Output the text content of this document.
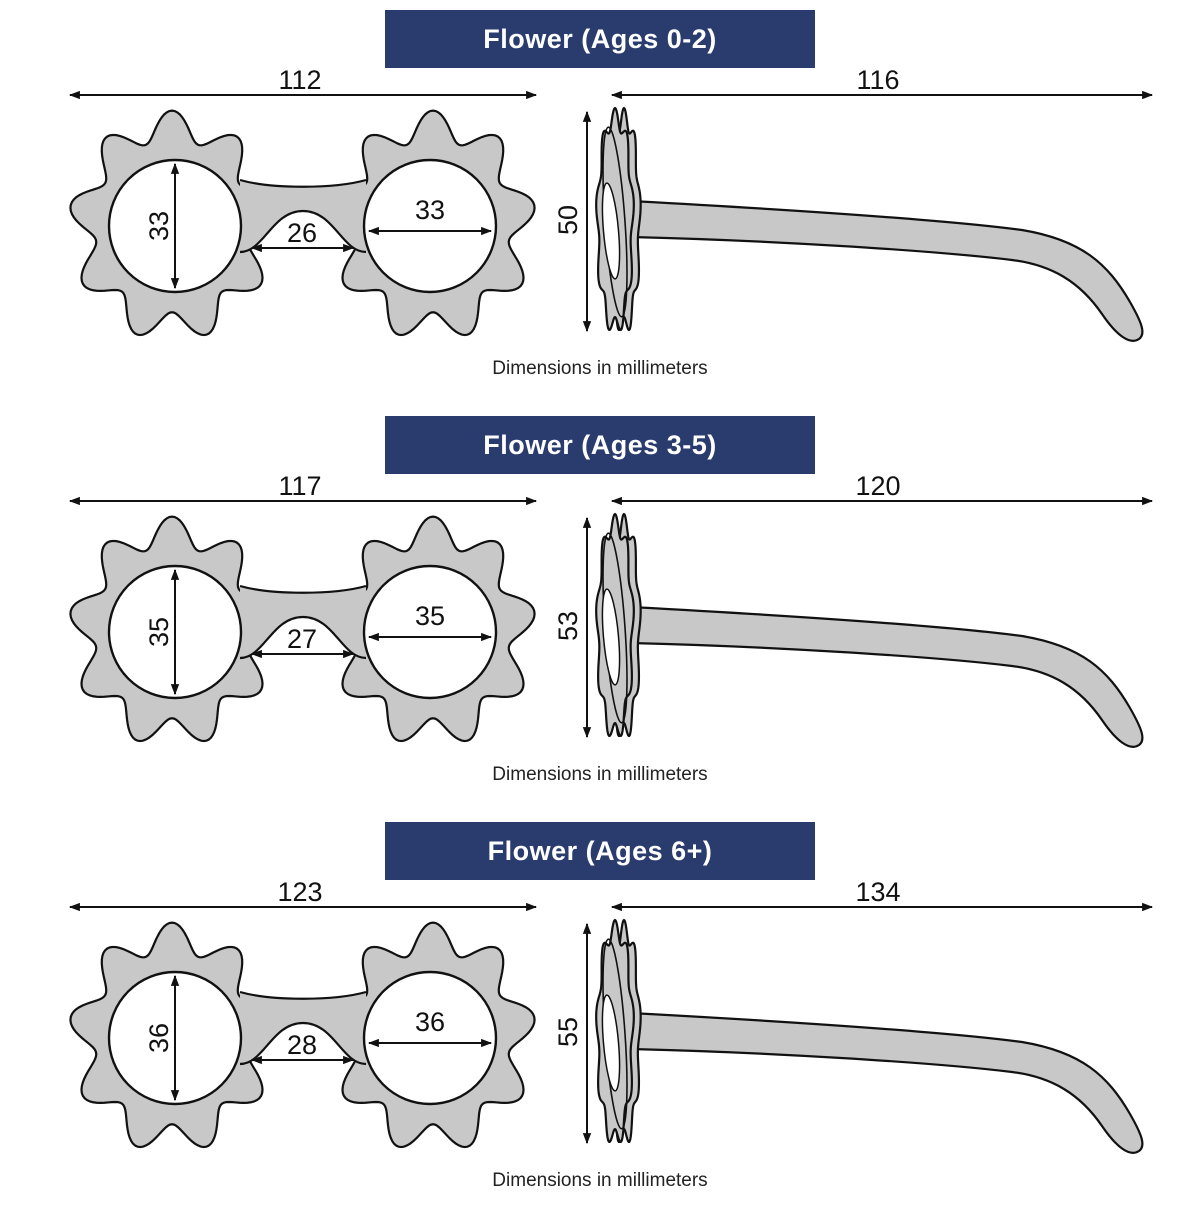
Flower (Ages 0-2)
112
33
33
26
116
50

Dimensions in millimeters

Flower (Ages 3-5)
117
35
35
27
120
53

Dimensions in millimeters

Flower (Ages 6+)
123
36
36
28
134
55

Dimensions in millimeters
